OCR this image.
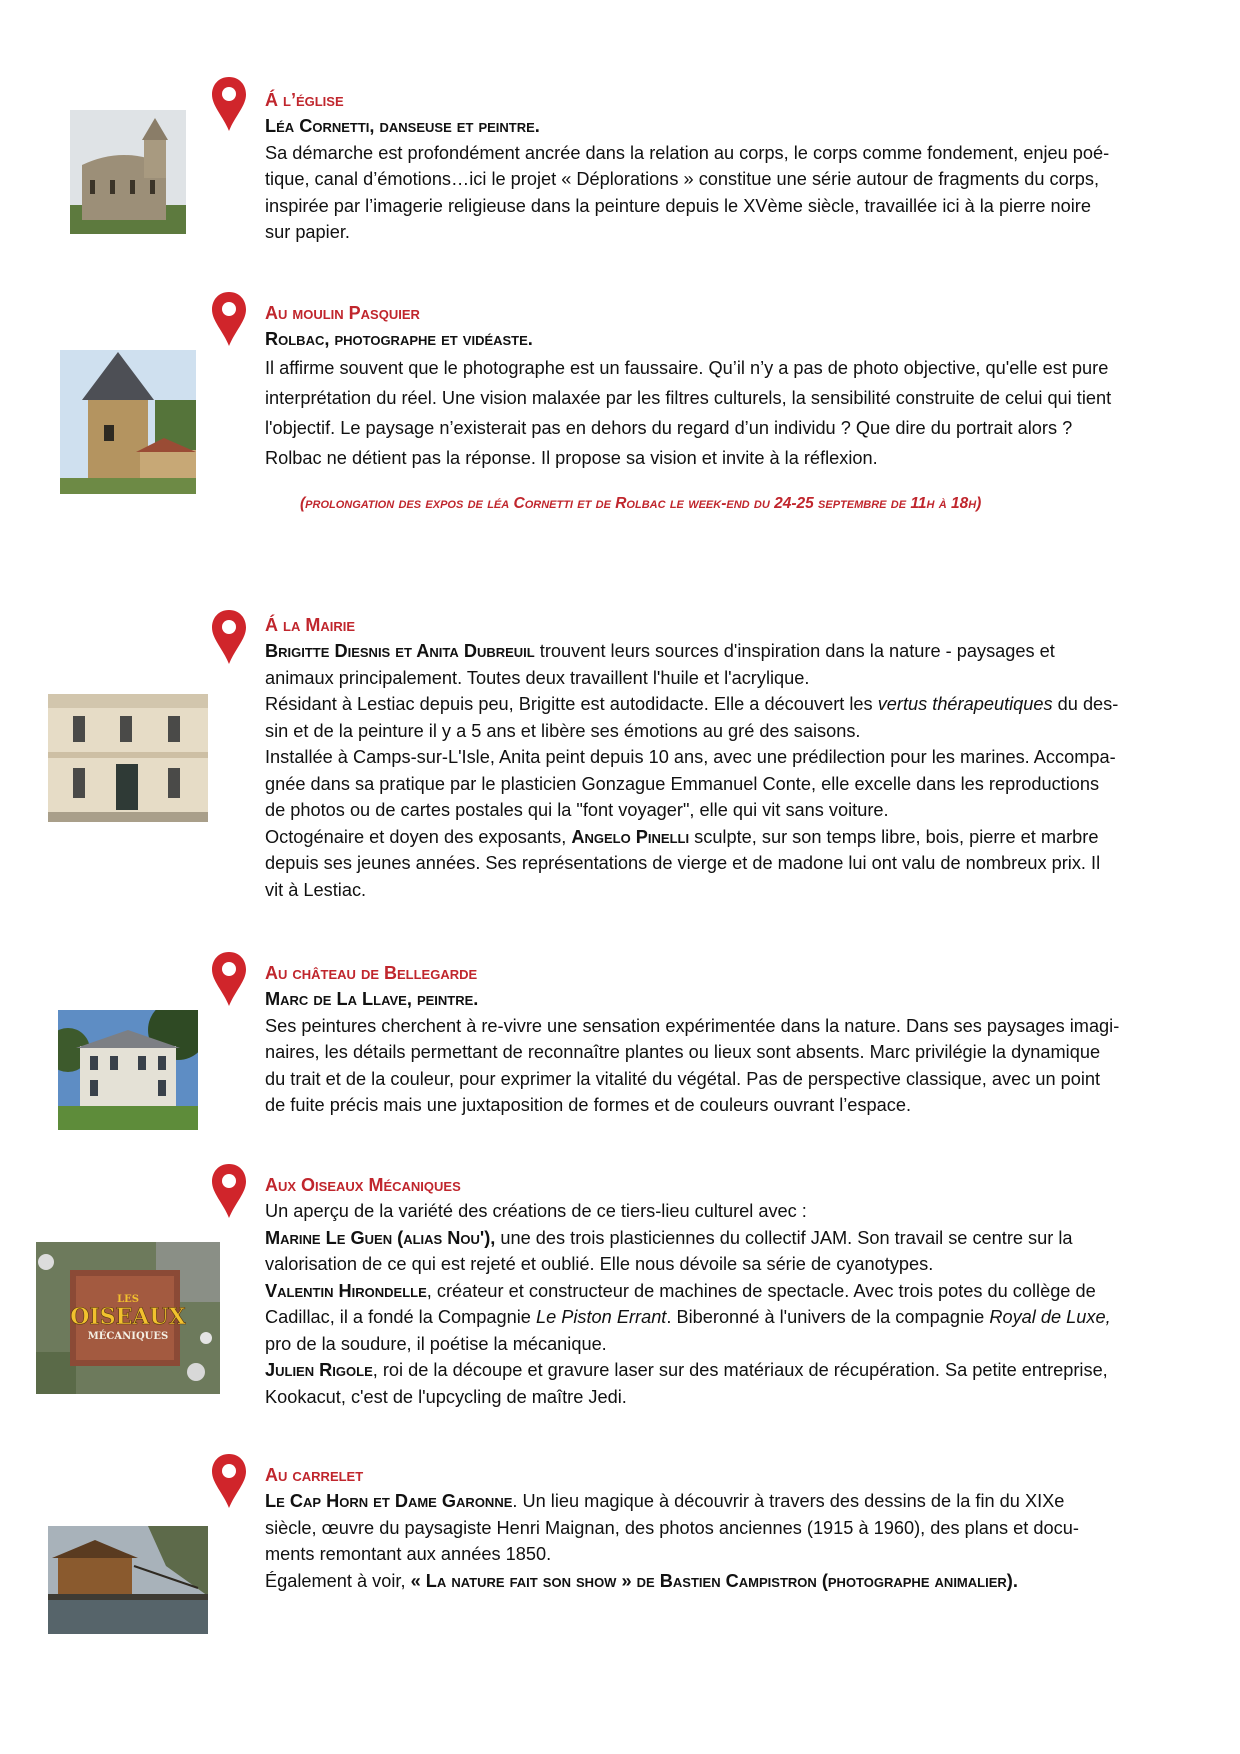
Á l’église

Léa Cornetti, danseuse et peintre.

Sa démarche est profondément ancrée dans la relation au corps, le corps comme fondement, enjeu poé-

tique, canal d’émotions…ici le projet « Déplorations » constitue une série autour de fragments du corps,

inspirée par l’imagerie religieuse dans la peinture depuis le XVème siècle, travaillée ici à la pierre noire

sur papier.

Au moulin Pasquier

Rolbac, photographe et vidéaste.

Il affirme souvent que le photographe est un faussaire. Qu’il n’y a pas de photo objective, qu'elle est pure

interprétation du réel. Une vision malaxée par les filtres culturels, la sensibilité construite de celui qui tient

l'objectif. Le paysage n’existerait pas en dehors du regard d’un individu ? Que dire du portrait alors ?

Rolbac ne détient pas la réponse. Il propose sa vision et invite à la réflexion.

(prolongation des expos de léa Cornetti et de Rolbac le week-end du 24-25 septembre de 11h à 18h)

Á la Mairie

Brigitte Diesnis et Anita Dubreuil trouvent leurs sources d'inspiration dans la nature - paysages et

animaux principalement. Toutes deux travaillent l'huile et l'acrylique.

Résidant à Lestiac depuis peu, Brigitte est autodidacte. Elle a découvert les vertus thérapeutiques du des-

sin et de la peinture il y a 5 ans et libère ses émotions au gré des saisons.

Installée à Camps-sur-L'Isle, Anita peint depuis 10 ans, avec une prédilection pour les marines. Accompa-

gnée dans sa pratique par le plasticien Gonzague Emmanuel Conte, elle excelle dans les reproductions

de photos ou de cartes postales qui la "font voyager", elle qui vit sans voiture.

Octogénaire et doyen des exposants, Angelo Pinelli sculpte, sur son temps libre, bois, pierre et marbre

depuis ses jeunes années. Ses représentations de vierge et de madone lui ont valu de nombreux prix. Il

vit à Lestiac.

Au château de Bellegarde

Marc de La Llave, peintre.

Ses peintures cherchent à re-vivre une sensation expérimentée dans la nature. Dans ses paysages imagi-

naires, les détails permettant de reconnaître plantes ou lieux sont absents. Marc privilégie la dynamique

du trait et de la couleur, pour exprimer la vitalité du végétal. Pas de perspective classique, avec un point

de fuite précis mais une juxtaposition de formes et de couleurs ouvrant l’espace.

LES
OISEAUX
MÉCANIQUES

Aux Oiseaux Mécaniques

Un aperçu de la variété des créations de ce tiers-lieu culturel avec :

Marine Le Guen (alias Nou'), une des trois plasticiennes du collectif JAM. Son travail se centre sur la

valorisation de ce qui est rejeté et oublié. Elle nous dévoile sa série de cyanotypes.

Valentin Hirondelle, créateur et constructeur de machines de spectacle. Avec trois potes du collège de

Cadillac, il a fondé la Compagnie Le Piston Errant. Biberonné à l'univers de la compagnie Royal de Luxe,

pro de la soudure, il poétise la mécanique.

Julien Rigole, roi de la découpe et gravure laser sur des matériaux de récupération. Sa petite entreprise,

Kookacut, c'est de l'upcycling de maître Jedi.

Au carrelet

Le Cap Horn et Dame Garonne. Un lieu magique à découvrir à travers des dessins de la fin du XIXe

siècle, œuvre du paysagiste Henri Maignan, des photos anciennes (1915 à 1960), des plans et docu-

ments remontant aux années 1850.

Également à voir, « La nature fait son show » de Bastien Campistron (photographe animalier).
